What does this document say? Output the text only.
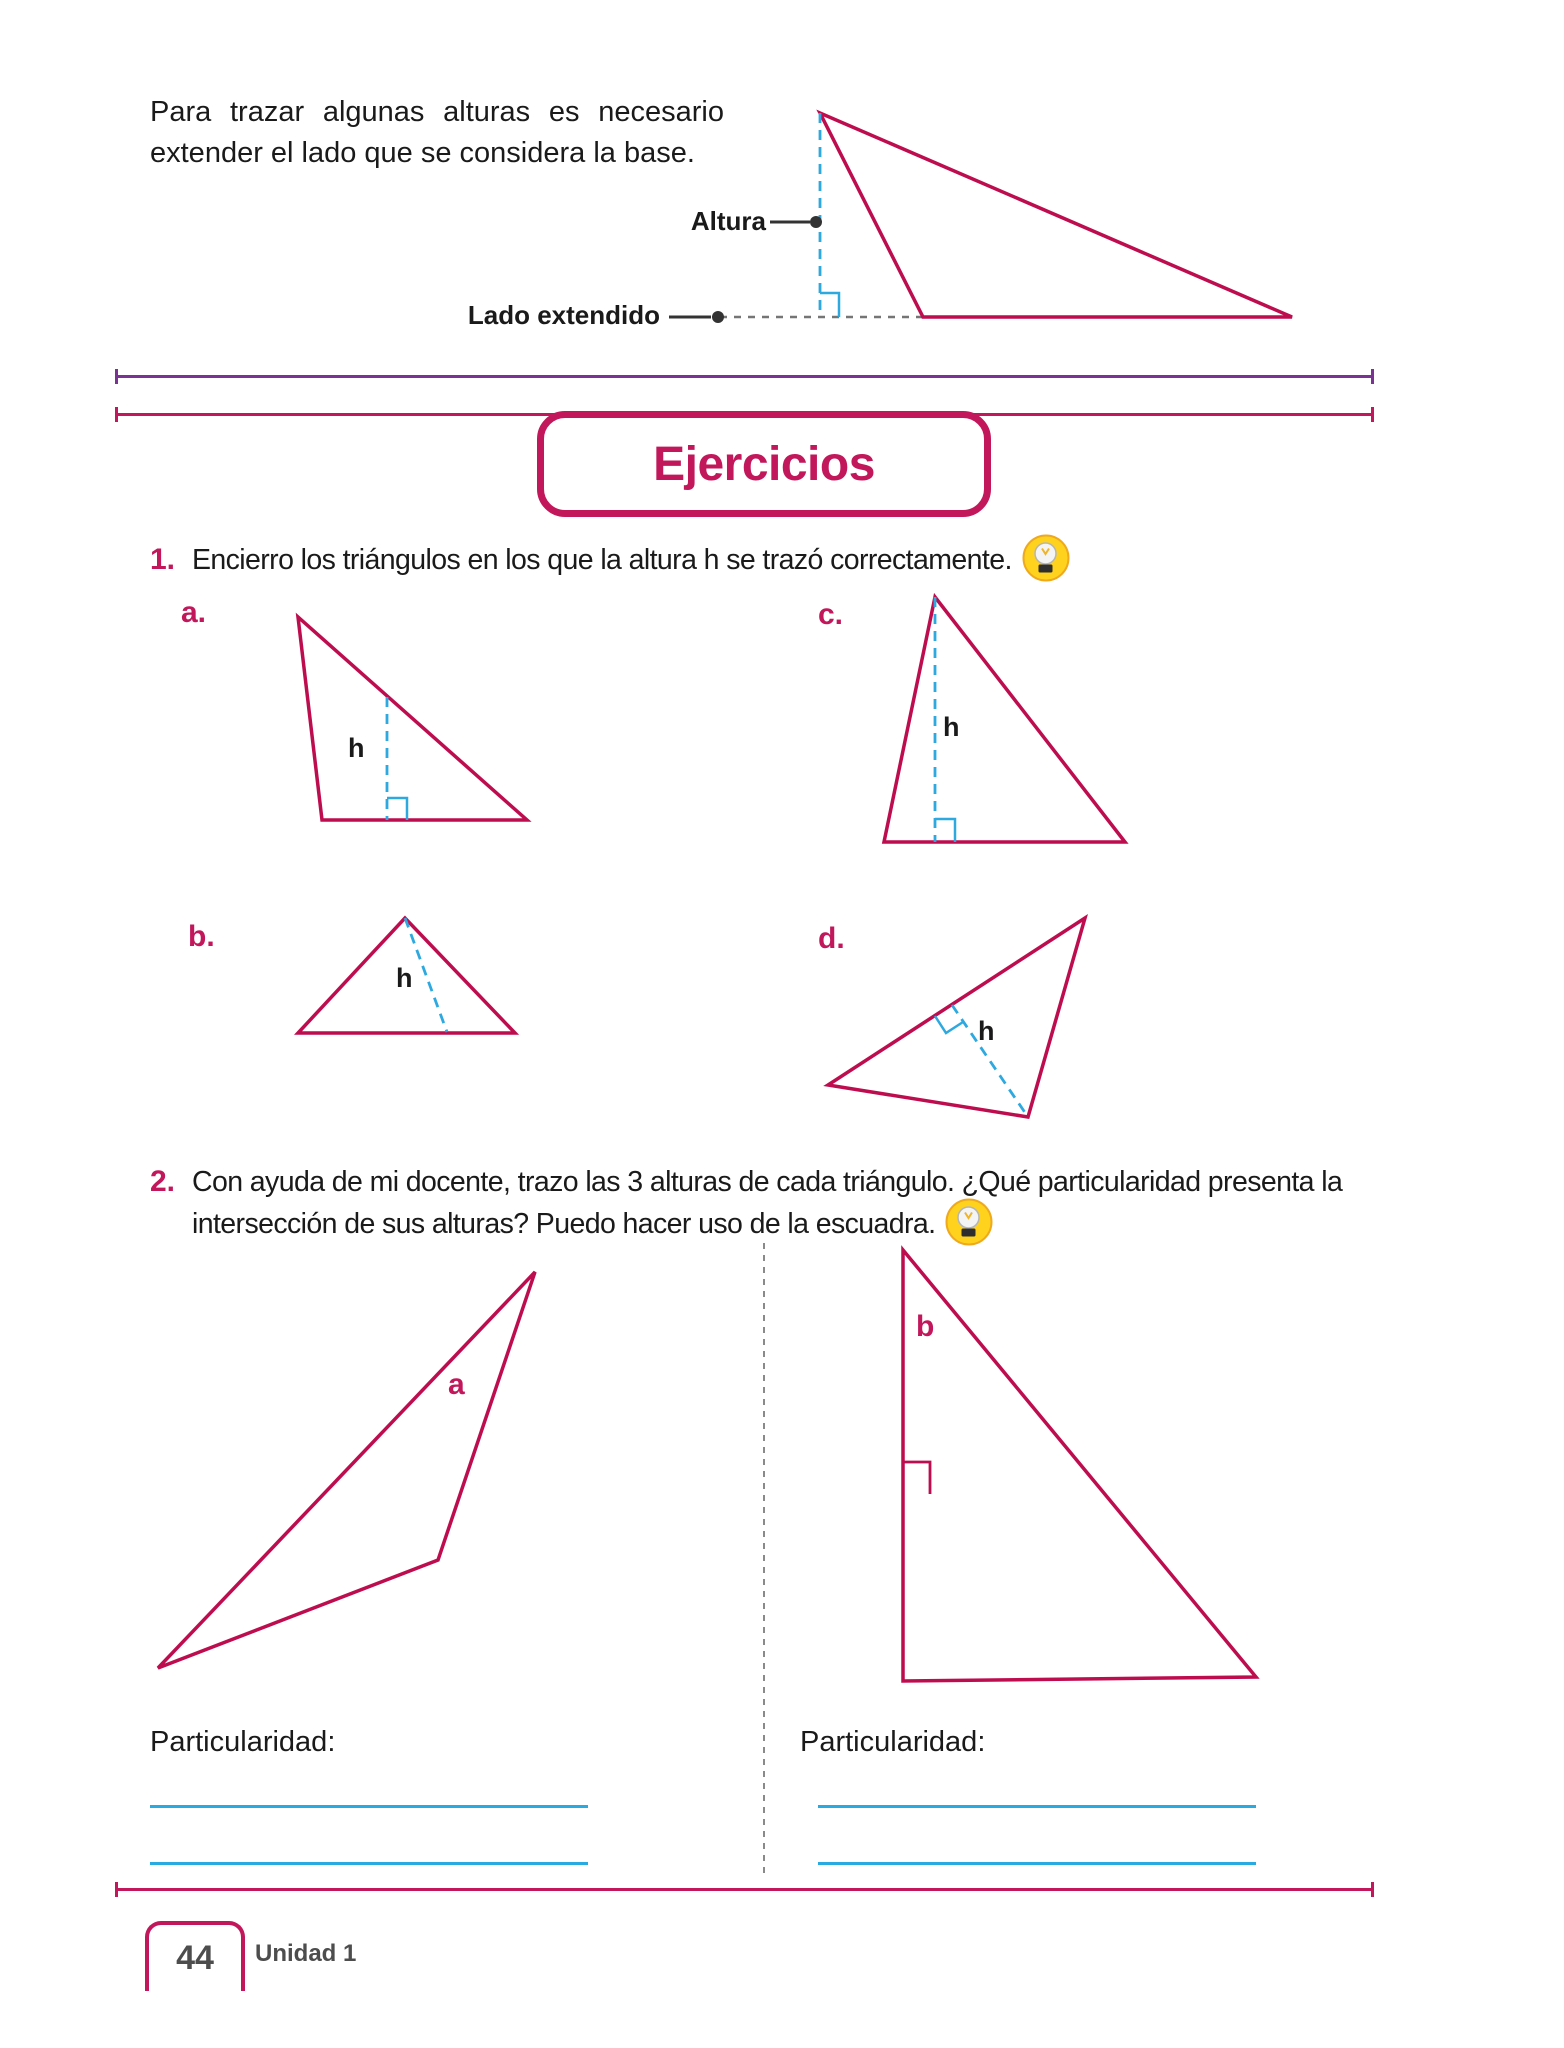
Para trazar algunas alturas es necesario
extender el lado que se considera la base.
Altura
Lado extendido
Ejercicios
1. Encierro los triángulos en los que la altura h se trazó correctamente.
a.
h
c.
h
b.
h
d.
h
2. Con ayuda de mi docente, trazo las 3 alturas de cada triángulo. ¿Qué particularidad presenta la
intersección de sus alturas? Puedo hacer uso de la escuadra.
a
b
Particularidad:	Particularidad:
44 Unidad 1
